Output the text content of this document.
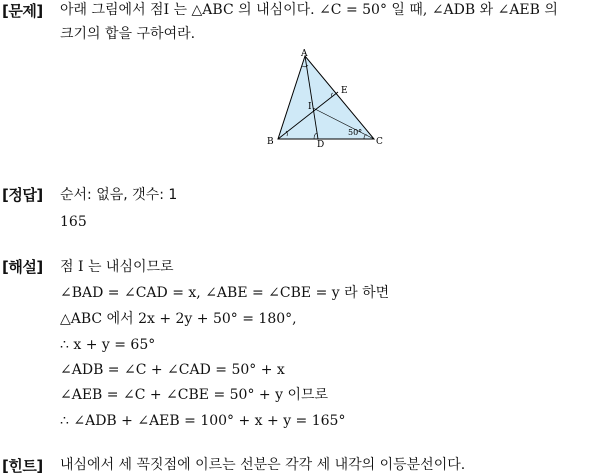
[문제] 아래 그림에서 점I 는 △ABC 의 내심이다. ∠C = 50° 일 때, ∠ADB 와 ∠AEB 의
크기의 합을 구하여라.
A
B	C
D
E
I
50°
[정답] 순서: 없음, 갯수: 1
165
[해설] 점 I 는 내심이므로
∠BAD = ∠CAD = x, ∠ABE = ∠CBE = y 라 하면
△ABC 에서 2x + 2y + 50° = 180°,
∴ x + y = 65°
∠ADB = ∠C + ∠CAD = 50° + x
∠AEB = ∠C + ∠CBE = 50° + y 이므로
∴ ∠ADB + ∠AEB = 100° + x + y = 165°
[힌트] 내심에서 세 꼭짓점에 이르는 선분은 각각 세 내각의 이등분선이다.
